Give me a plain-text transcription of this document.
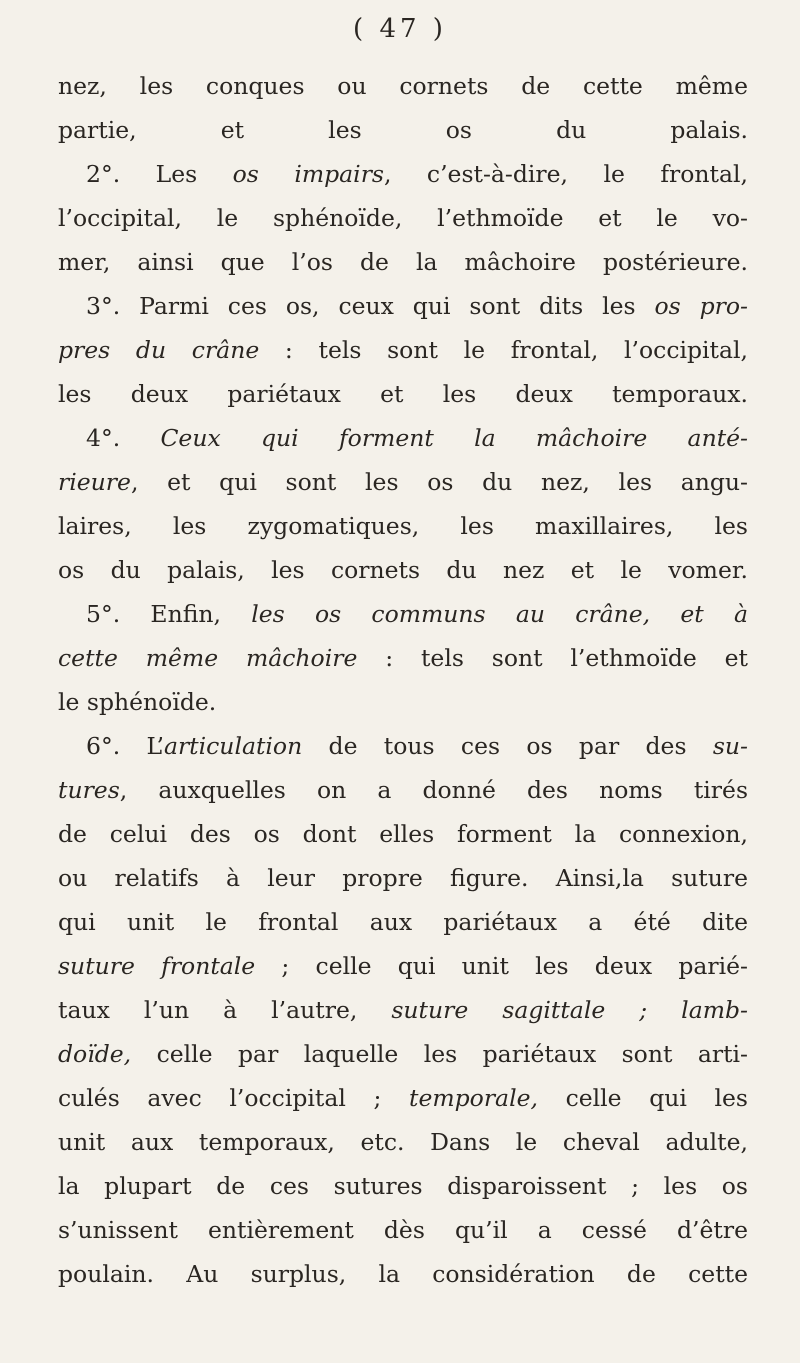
( 47 )
nez, les conques ou cornets de cette même
partie, et les os du palais.
2°. Les os impairs, c’est-à-dire, le frontal,
l’occipital, le sphénoïde, l’ethmoïde et le vo-
mer, ainsi que l’os de la mâchoire postérieure.
3°. Parmi ces os, ceux qui sont dits les os pro-
pres du crâne : tels sont le frontal, l’occipital,
les deux pariétaux et les deux temporaux.
4°. Ceux qui forment la mâchoire anté-
rieure, et qui sont les os du nez, les angu-
laires, les zygomatiques, les maxillaires, les
os du palais, les cornets du nez et le vomer.
5°. Enfin, les os communs au crâne, et à
cette même mâchoire : tels sont l’ethmoïde et
le sphénoïde.
6°. L’articulation de tous ces os par des su-
tures, auxquelles on a donné des noms tirés
de celui des os dont elles forment la connexion,
ou relatifs à leur propre figure. Ainsi,la suture
qui unit le frontal aux pariétaux a été dite
suture frontale ; celle qui unit les deux parié-
taux l’un à l’autre, suture sagittale ; lamb-
doïde, celle par laquelle les pariétaux sont arti-
culés avec l’occipital ; temporale, celle qui les
unit aux temporaux, etc. Dans le cheval adulte,
la plupart de ces sutures disparoissent ; les os
s’unissent entièrement dès qu’il a cessé d’être
poulain. Au surplus, la considération de cette
